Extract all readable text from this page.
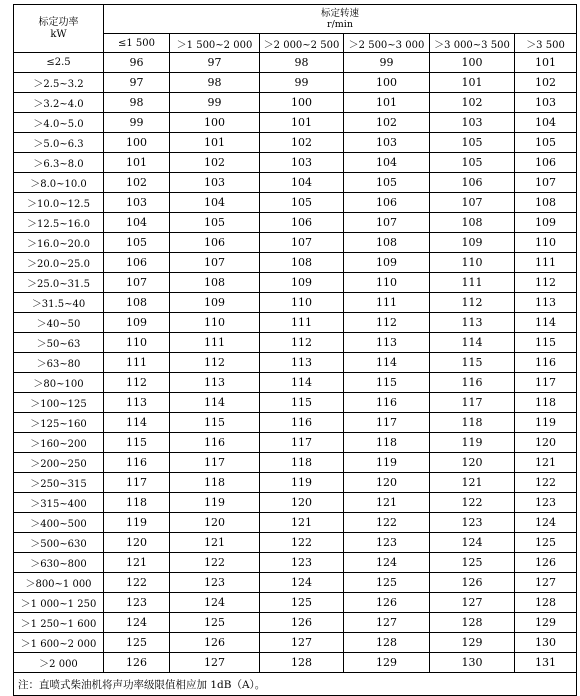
标定功率
kW	标定转速
r/min					

	≤1 500	＞1 500~2 000	＞2 000~2 500	＞2 500~3 000	＞3 000~3 500	＞3 500
≤2.5	96	97	98	99	100	101
＞2.5~3.2	97	98	99	100	101	102
＞3.2~4.0	98	99	100	101	102	103
＞4.0~5.0	99	100	101	102	103	104
＞5.0~6.3	100	101	102	103	105	105
＞6.3~8.0	101	102	103	104	105	106
＞8.0~10.0	102	103	104	105	106	107
＞10.0~12.5	103	104	105	106	107	108
＞12.5~16.0	104	105	106	107	108	109
＞16.0~20.0	105	106	107	108	109	110
＞20.0~25.0	106	107	108	109	110	111
＞25.0~31.5	107	108	109	110	111	112
＞31.5~40	108	109	110	111	112	113
＞40~50	109	110	111	112	113	114
＞50~63	110	111	112	113	114	115
＞63~80	111	112	113	114	115	116
＞80~100	112	113	114	115	116	117
＞100~125	113	114	115	116	117	118
＞125~160	114	115	116	117	118	119
＞160~200	115	116	117	118	119	120
＞200~250	116	117	118	119	120	121
＞250~315	117	118	119	120	121	122
＞315~400	118	119	120	121	122	123
＞400~500	119	120	121	122	123	124
＞500~630	120	121	122	123	124	125
＞630~800	121	122	123	124	125	126
＞800~1 000	122	123	124	125	126	127
＞1 000~1 250	123	124	125	126	127	128
＞1 250~1 600	124	125	126	127	128	129
＞1 600~2 000	125	126	127	128	129	130
＞2 000	126	127	128	129	130	131
注：直喷式柴油机将声功率级限值相应加 1dB（A）。						
